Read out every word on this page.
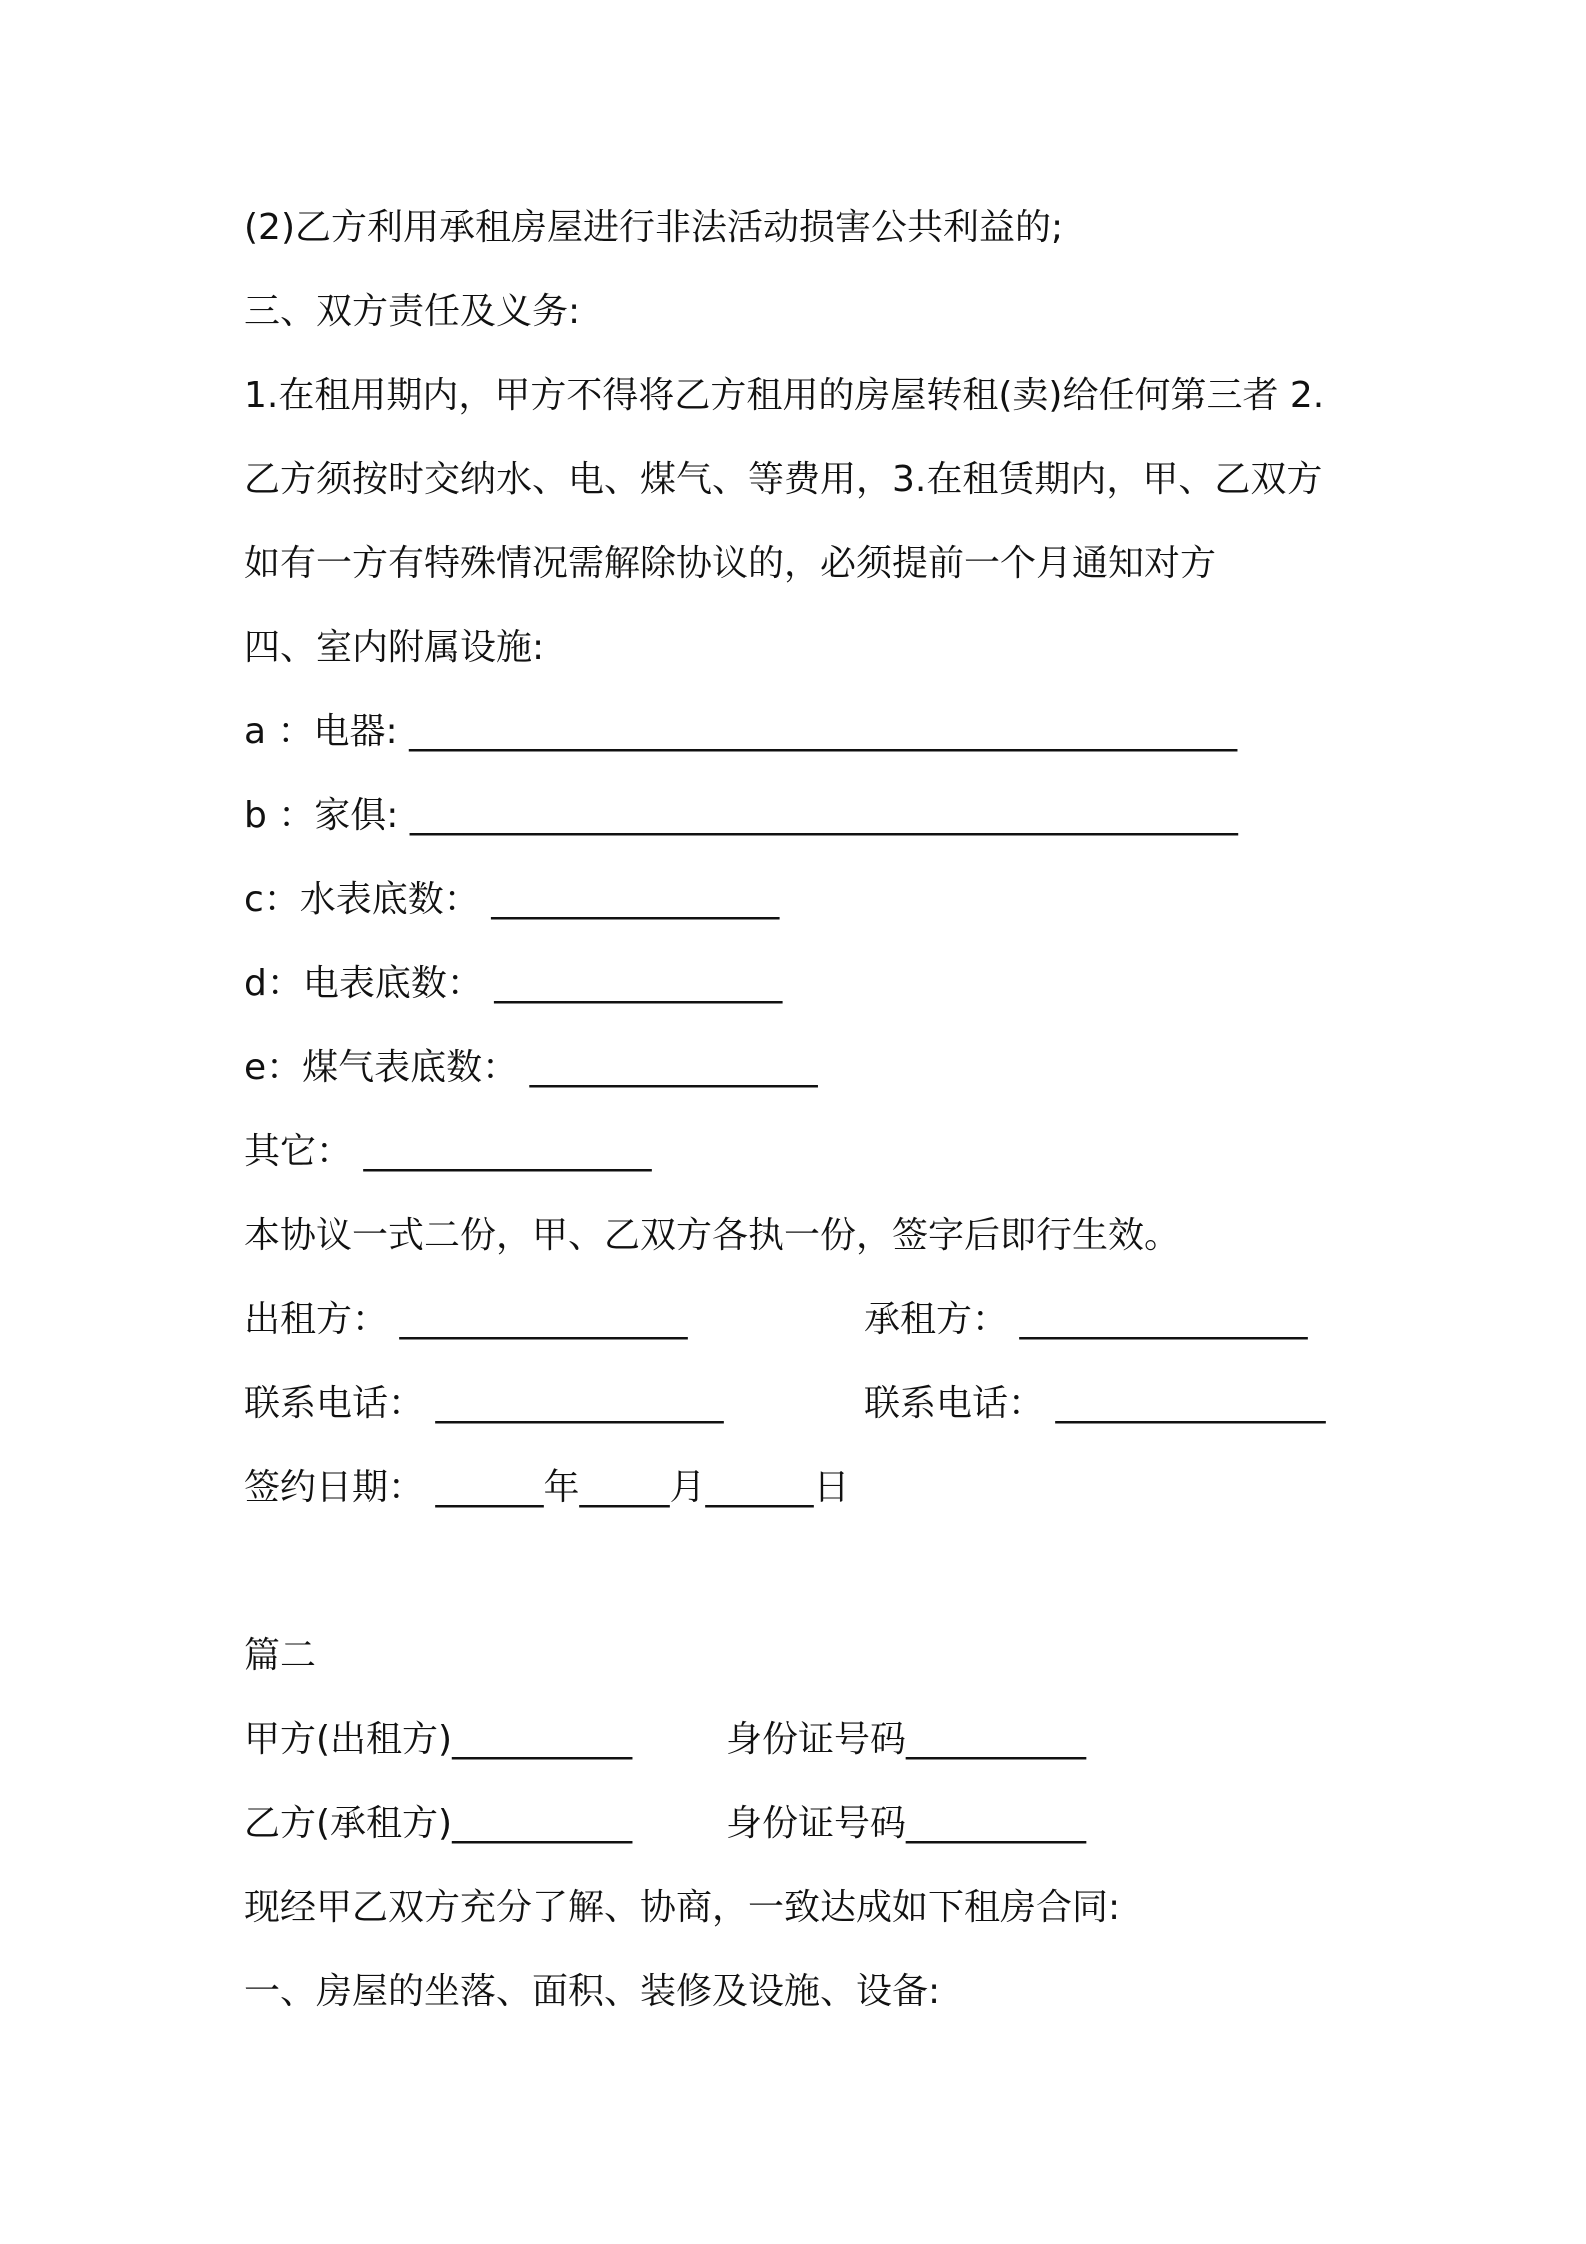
(2)乙方利用承租房屋进行非法活动损害公共利益的;
三、双方责任及义务:
1.在租用期内，甲方不得将乙方租用的房屋转租(卖)给任何第三者 2.
乙方须按时交纳水、电、煤气、等费用，3.在租赁期内，甲、乙双方
如有一方有特殊情况需解除协议的，必须提前一个月通知对方
四、室内附属设施:
a ：电器: ______________________________________________
b ：家俱: ______________________________________________
c：水表底数： ________________
d：电表底数： ________________
e：煤气表底数： ________________
其它： ________________
本协议一式二份，甲、乙双方各执一份，签字后即行生效。
出租方： ________________	承租方： ________________
联系电话： ________________	联系电话： _______________
签约日期： ______年_____月______日
篇二
甲方(出租方)__________	身份证号码__________
乙方(承租方)__________	身份证号码__________
现经甲乙双方充分了解、协商，一致达成如下租房合同:
一、房屋的坐落、面积、装修及设施、设备:
